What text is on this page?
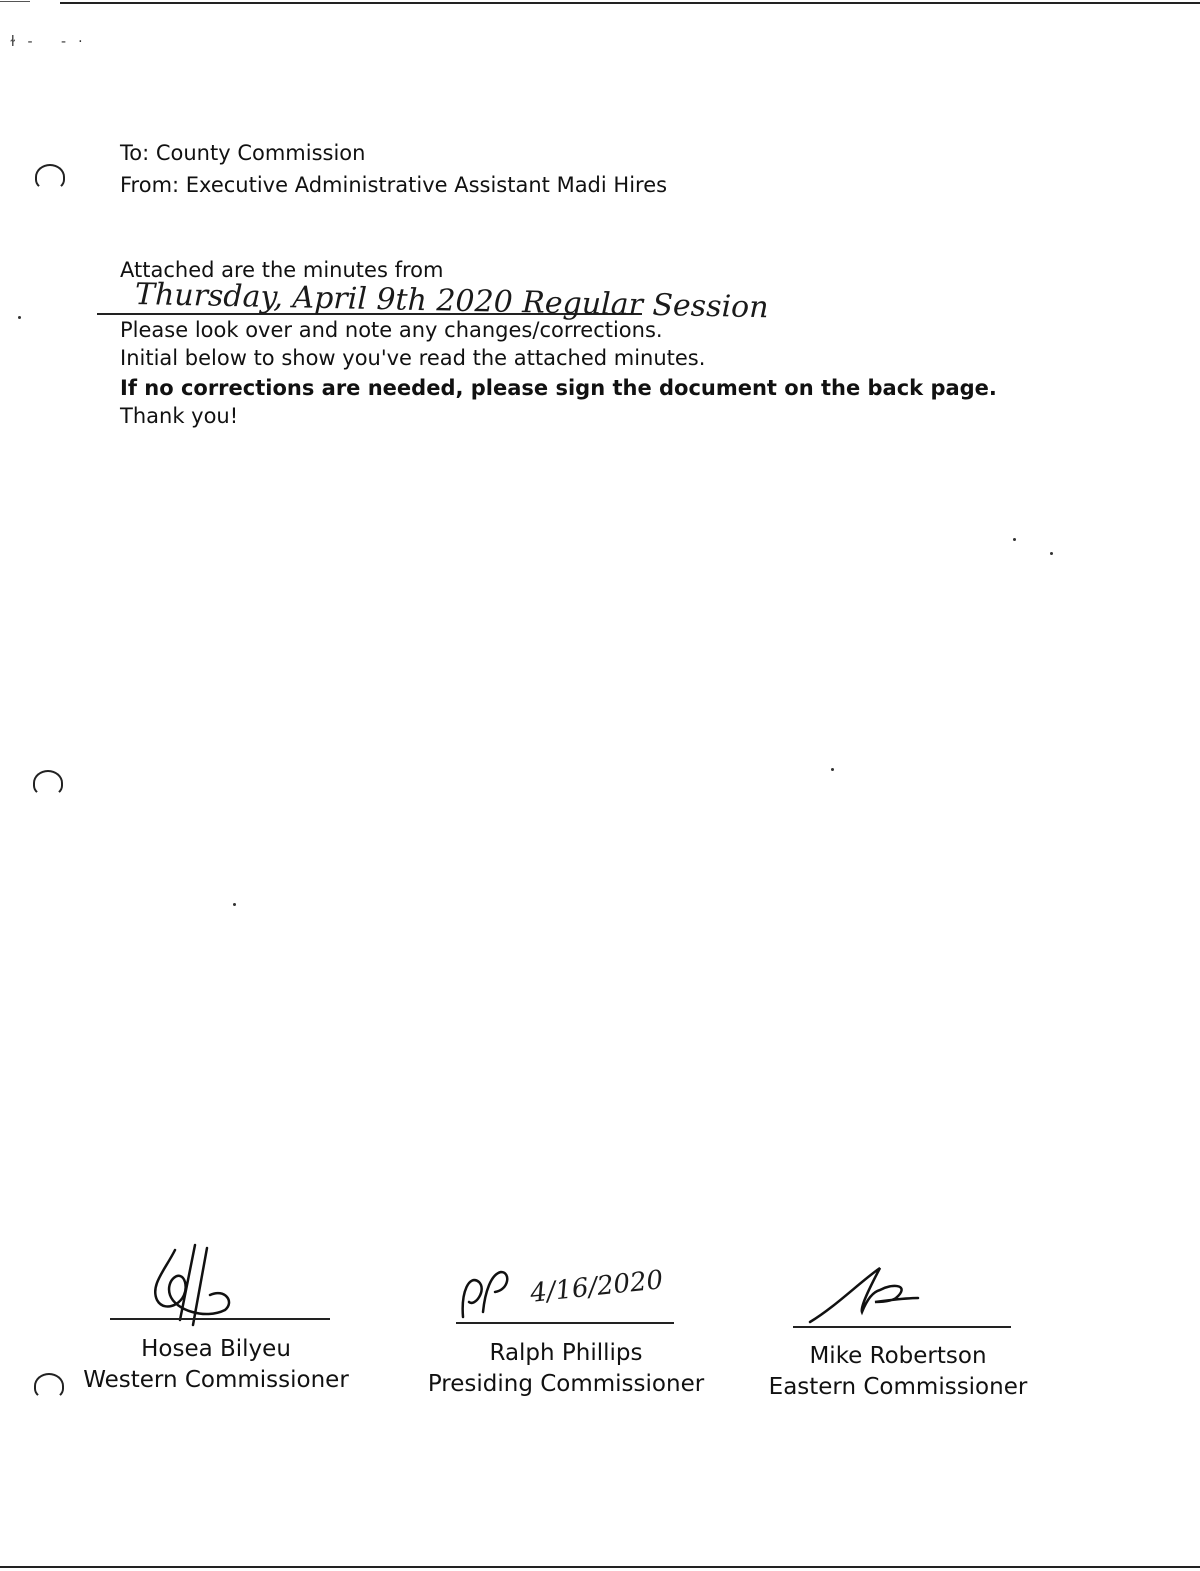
ɫ‑ ‑·
To: County Commission
From: Executive Administrative Assistant Madi Hires
Attached are the minutes from
Thursday, April 9th 2020 Regular Session
Please look over and note any changes/corrections.
Initial below to show you've read the attached minutes.
If no corrections are needed, please sign the document on the back page.
Thank you!
Hosea Bilyeu
Western Commissioner
4/16/2020
Ralph Phillips
Presiding Commissioner
Mike Robertson
Eastern Commissioner
